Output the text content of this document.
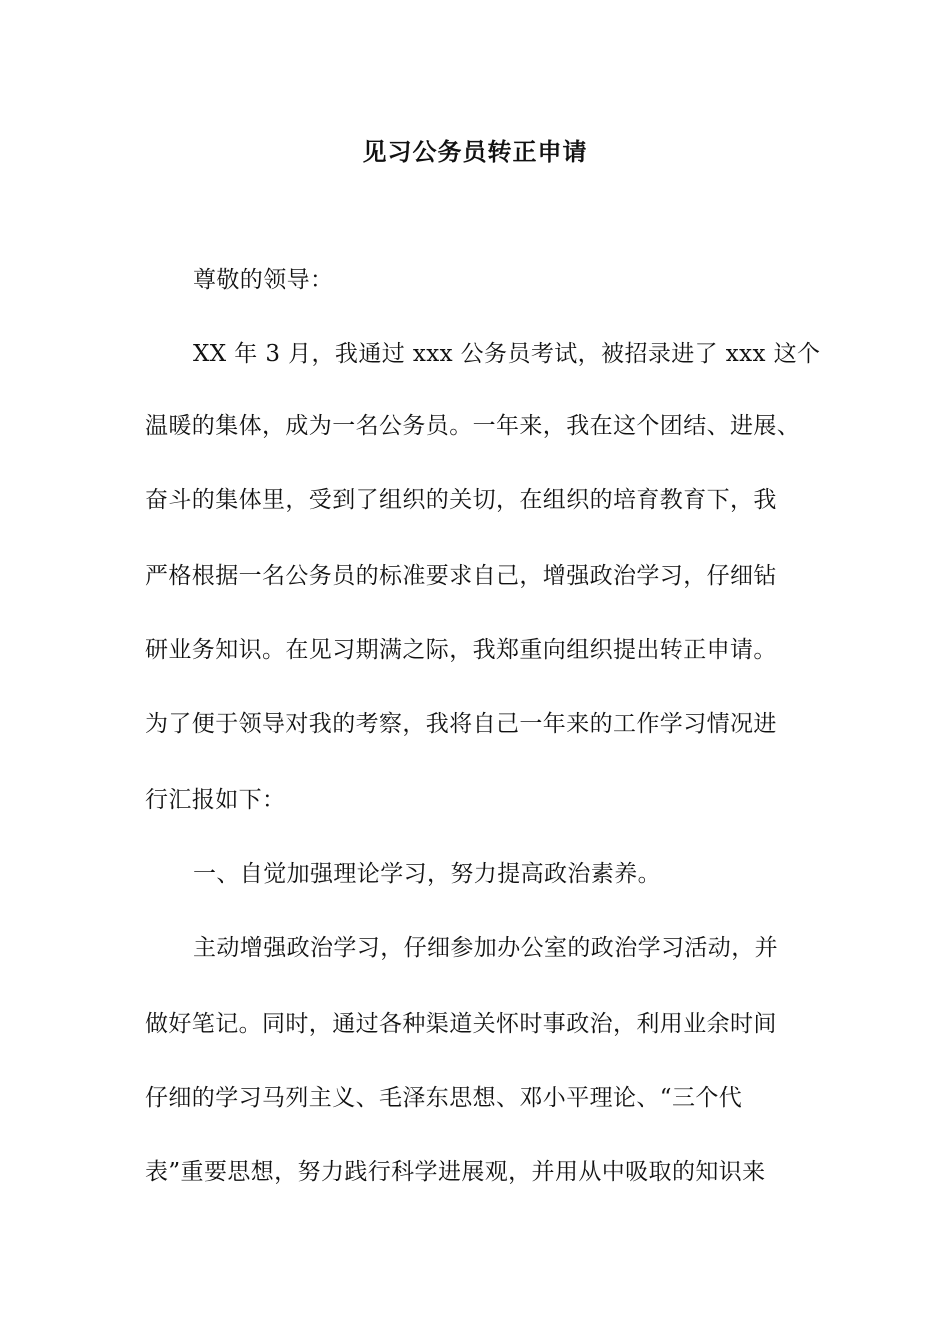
见习公务员转正申请
尊敬的领导：
XX 年 3 月，我通过 xxx 公务员考试，被招录进了 xxx 这个
温暖的集体，成为一名公务员。一年来，我在这个团结、进展、
奋斗的集体里，受到了组织的关切，在组织的培育教育下，我
严格根据一名公务员的标准要求自己，增强政治学习，仔细钻
研业务知识。在见习期满之际，我郑重向组织提出转正申请。
为了便于领导对我的考察，我将自己一年来的工作学习情况进
行汇报如下：
一、自觉加强理论学习，努力提高政治素养。
主动增强政治学习，仔细参加办公室的政治学习活动，并
做好笔记。同时，通过各种渠道关怀时事政治，利用业余时间
仔细的学习马列主义、毛泽东思想、邓小平理论、“三个代
表”重要思想，努力践行科学进展观，并用从中吸取的知识来
